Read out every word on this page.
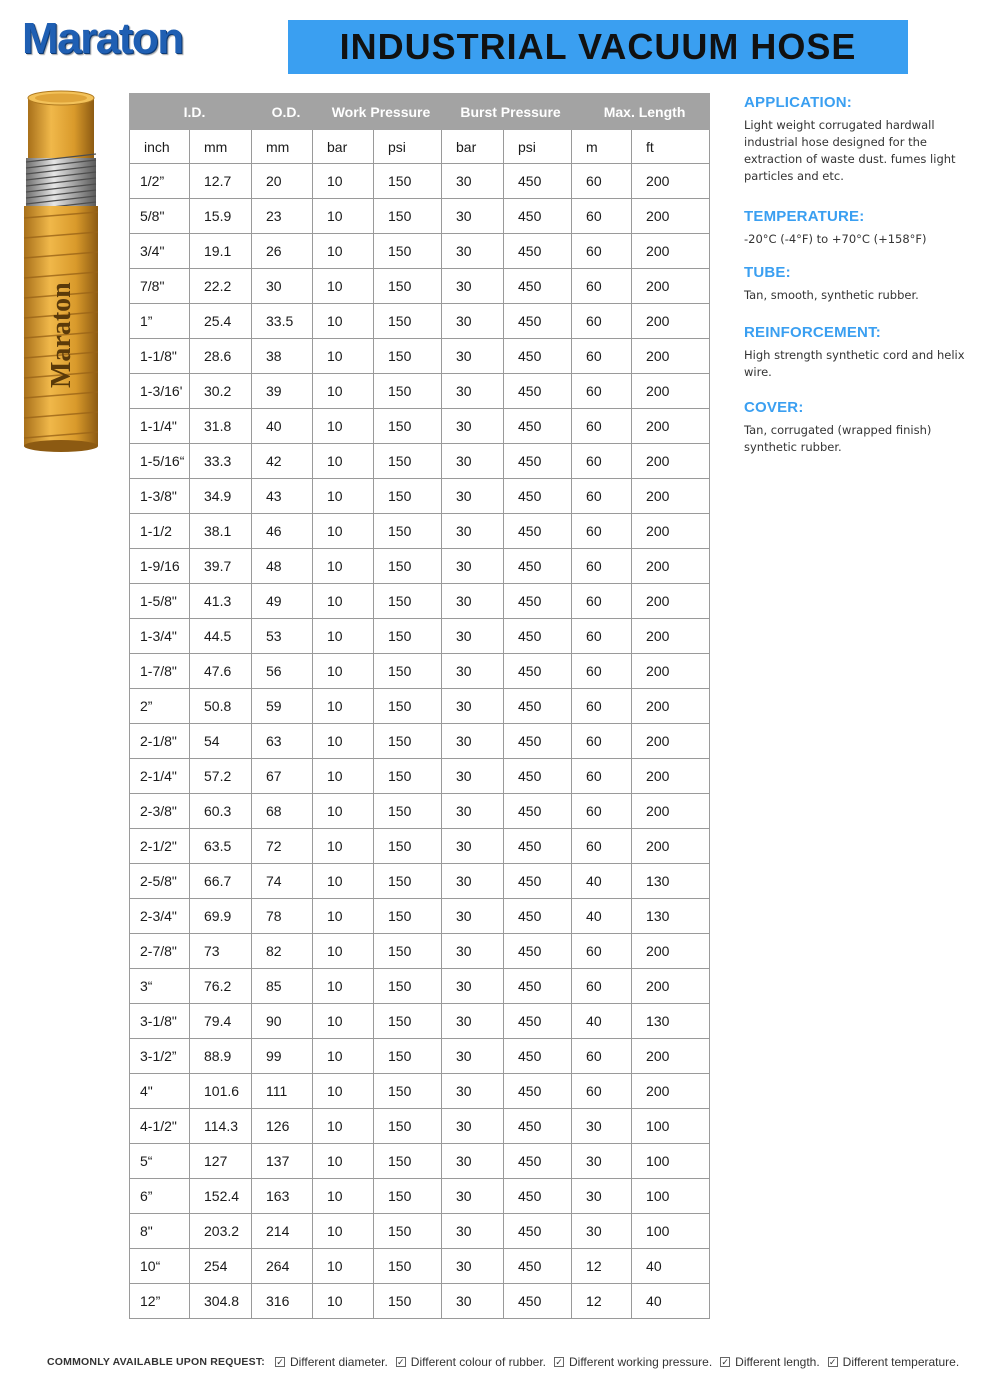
Maraton	INDUSTRIAL VACUUM HOSE
Maraton
I.D.		O.D.	Work Pressure		Burst Pressure		Max. Length	
inch	mm	mm	bar	psi	bar	psi	m	ft
1/2”	12.7	20	10	150	30	450	60	200
5/8"	15.9	23	10	150	30	450	60	200
3/4"	19.1	26	10	150	30	450	60	200
7/8"	22.2	30	10	150	30	450	60	200
1”	25.4	33.5	10	150	30	450	60	200
1-1/8"	28.6	38	10	150	30	450	60	200
1-3/16'	30.2	39	10	150	30	450	60	200
1-1/4"	31.8	40	10	150	30	450	60	200
1-5/16“	33.3	42	10	150	30	450	60	200
1-3/8"	34.9	43	10	150	30	450	60	200
1-1/2	38.1	46	10	150	30	450	60	200
1-9/16	39.7	48	10	150	30	450	60	200
1-5/8"	41.3	49	10	150	30	450	60	200
1-3/4"	44.5	53	10	150	30	450	60	200
1-7/8"	47.6	56	10	150	30	450	60	200
2”	50.8	59	10	150	30	450	60	200
2-1/8"	54	63	10	150	30	450	60	200
2-1/4"	57.2	67	10	150	30	450	60	200
2-3/8"	60.3	68	10	150	30	450	60	200
2-1/2"	63.5	72	10	150	30	450	60	200
2-5/8"	66.7	74	10	150	30	450	40	130
2-3/4"	69.9	78	10	150	30	450	40	130
2-7/8"	73	82	10	150	30	450	60	200
3“	76.2	85	10	150	30	450	60	200
3-1/8"	79.4	90	10	150	30	450	40	130
3-1/2”	88.9	99	10	150	30	450	60	200
4"	101.6	111	10	150	30	450	60	200
4-1/2"	114.3	126	10	150	30	450	30	100
5“	127	137	10	150	30	450	30	100
6”	152.4	163	10	150	30	450	30	100
8"	203.2	214	10	150	30	450	30	100
10“	254	264	10	150	30	450	12	40
12”	304.8	316	10	150	30	450	12	40
APPLICATION:

Light weight corrugated hardwall industrial hose designed for the extraction of waste dust. fumes light particles and etc.

TEMPERATURE:

-20°C (-4°F) to +70°C (+158°F)

TUBE:

Tan, smooth, synthetic rubber.

REINFORCEMENT:

High strength synthetic cord and helix wire.

COVER:

Tan, corrugated (wrapped finish) synthetic rubber.

COMMONLY AVAILABLE UPON REQUEST: ✓ Different diameter. ✓ Different colour of rubber. ✓ Different working pressure. ✓ Different length. ✓ Different temperature.
